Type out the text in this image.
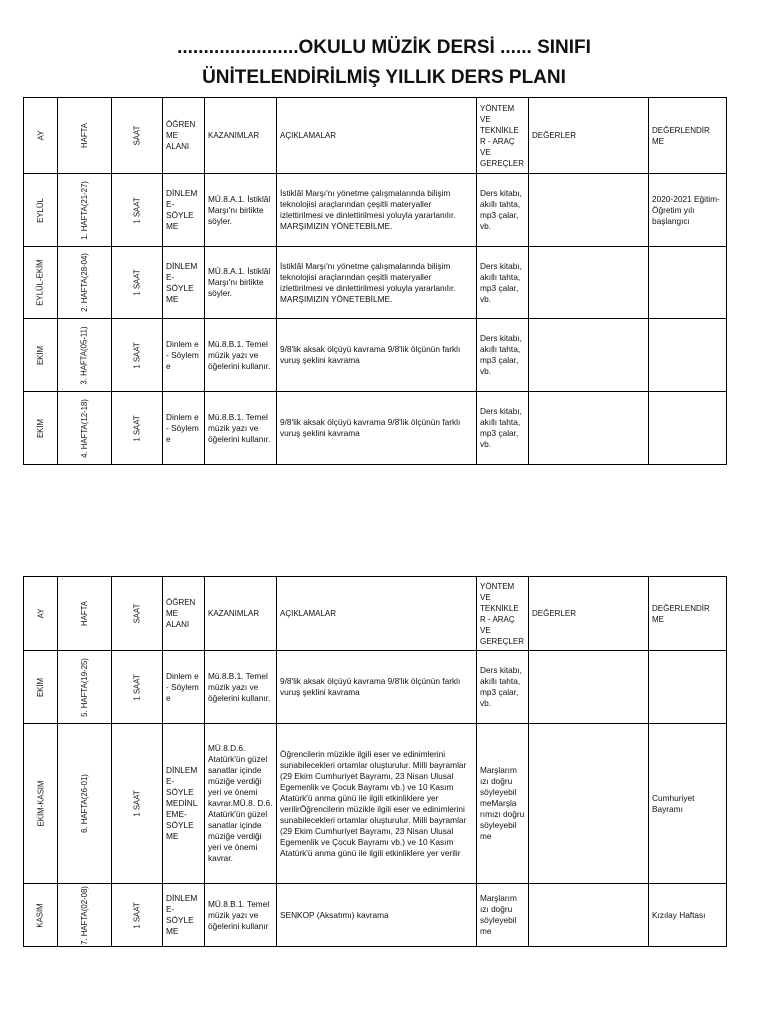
.......................OKULU MÜZİK DERSİ ...... SINIFI
ÜNİTELENDİRİLMİŞ YILLIK DERS PLANI
AY	HAFTA	SAAT	ÖĞREN ME ALANI	KAZANIMLAR	AÇIKLAMALAR	YÖNTEM VE TEKNİKLE R - ARAÇ VE GEREÇLER	DEĞERLER	DEĞERLENDİR ME

EYLÜL	1. HAFTA(21-27)	1 SAAT	DİNLEM E-SÖYLE ME	MÜ.8.A.1. İstiklâl Marşı'nı birlikte söyler.	İstiklâl Marşı'nı yönetme çalışmalarında bilişim teknolojisi araçlarından çeşitli materyaller izlettirilmesi ve dinlettirilmesi yoluyla yararlanılır. MARŞIMIZIN YÖNETEBİLME.	Ders kitabı, akıllı tahta, mp3 çalar, vb.		2020-2021 Eğitim-Öğretim yılı başlangıcı

EYLÜL-EKİM	2. HAFTA(28-04)	1 SAAT	DİNLEM E-SÖYLE ME	MÜ.8.A.1. İstiklâl Marşı'nı birlikte söyler.	İstiklâl Marşı'nı yönetme çalışmalarında bilişim teknolojisi araçlarından çeşitli materyaller izlettirilmesi ve dinlettirilmesi yoluyla yararlanılır. MARŞIMIZIN YÖNETEBİLME.	Ders kitabı, akıllı tahta, mp3 çalar, vb.		

EKİM	3. HAFTA(05-11)	1 SAAT	Dinlem e - Söylem e	Mü.8.B.1. Temel müzik yazı ve öğelerini kullanır.	9/8'lik aksak ölçüyü kavrama 9/8'lik ölçünün farklı vuruş şeklini kavrama	Ders kitabı, akıllı tahta, mp3 çalar, vb.		

EKİM	4. HAFTA(12-18)	1 SAAT	Dinlem e - Söylem e	Mü.8.B.1. Temel müzik yazı ve öğelerini kullanır.	9/8'lik aksak ölçüyü kavrama 9/8'lik ölçünün farklı vuruş şeklini kavrama	Ders kitabı, akıllı tahta, mp3 çalar, vb.		
AY	HAFTA	SAAT	ÖĞREN ME ALANI	KAZANIMLAR	AÇIKLAMALAR	YÖNTEM VE TEKNİKLE R - ARAÇ VE GEREÇLER	DEĞERLER	DEĞERLENDİR ME

EKİM	5. HAFTA(19-25)	1 SAAT	Dinlem e - Söylem e	Mü.8.B.1. Temel müzik yazı ve öğelerini kullanır.	9/8'lik aksak ölçüyü kavrama 9/8'lik ölçünün farklı vuruş şeklini kavrama	Ders kitabı, akıllı tahta, mp3 çalar, vb.		

EKİM-KASIM	6. HAFTA(26-01)	1 SAAT	DİNLEM E-SÖYLE MEDİNL EME-SÖYLE ME	MÜ.8.D.6. Atatürk'ün güzel sanatlar içinde müziğe verdiği yeri ve önemi kavrar.MÜ.8. D.6. Atatürk'ün güzel sanatlar içinde müziğe verdiği yeri ve önemi kavrar.	Öğrencilerin müzikle ilgili eser ve edinimlerini sunabilecekleri ortamlar oluşturulur. Milli bayramlar (29 Ekim Cumhuriyet Bayramı, 23 Nisan Ulusal Egemenlik ve Çocuk Bayramı vb.) ve 10 Kasım Atatürk'ü anma günü ile ilgili etkinliklere yer verilirÖğrencilerin müzikle ilgili eser ve edinimlerini sunabilecekleri ortamlar oluşturulur. Milli bayramlar (29 Ekim Cumhuriyet Bayramı, 23 Nisan Ulusal Egemenlik ve Çocuk Bayramı vb.) ve 10 Kasım Atatürk'ü anma günü ile ilgili etkinliklere yer verilir	Marşlarım ızı doğru söyleyebil meMarşla rımızı doğru söyleyebil me		Cumhuriyet Bayramı

KASIM	7. HAFTA(02-08)	1 SAAT	DİNLEM E-SÖYLE ME	MÜ.8.B.1. Temel müzik yazı ve öğelerini kullanır	SENKOP (Aksatımı) kavrama	Marşlarım ızı doğru söyleyebil me		Kızılay Haftası
